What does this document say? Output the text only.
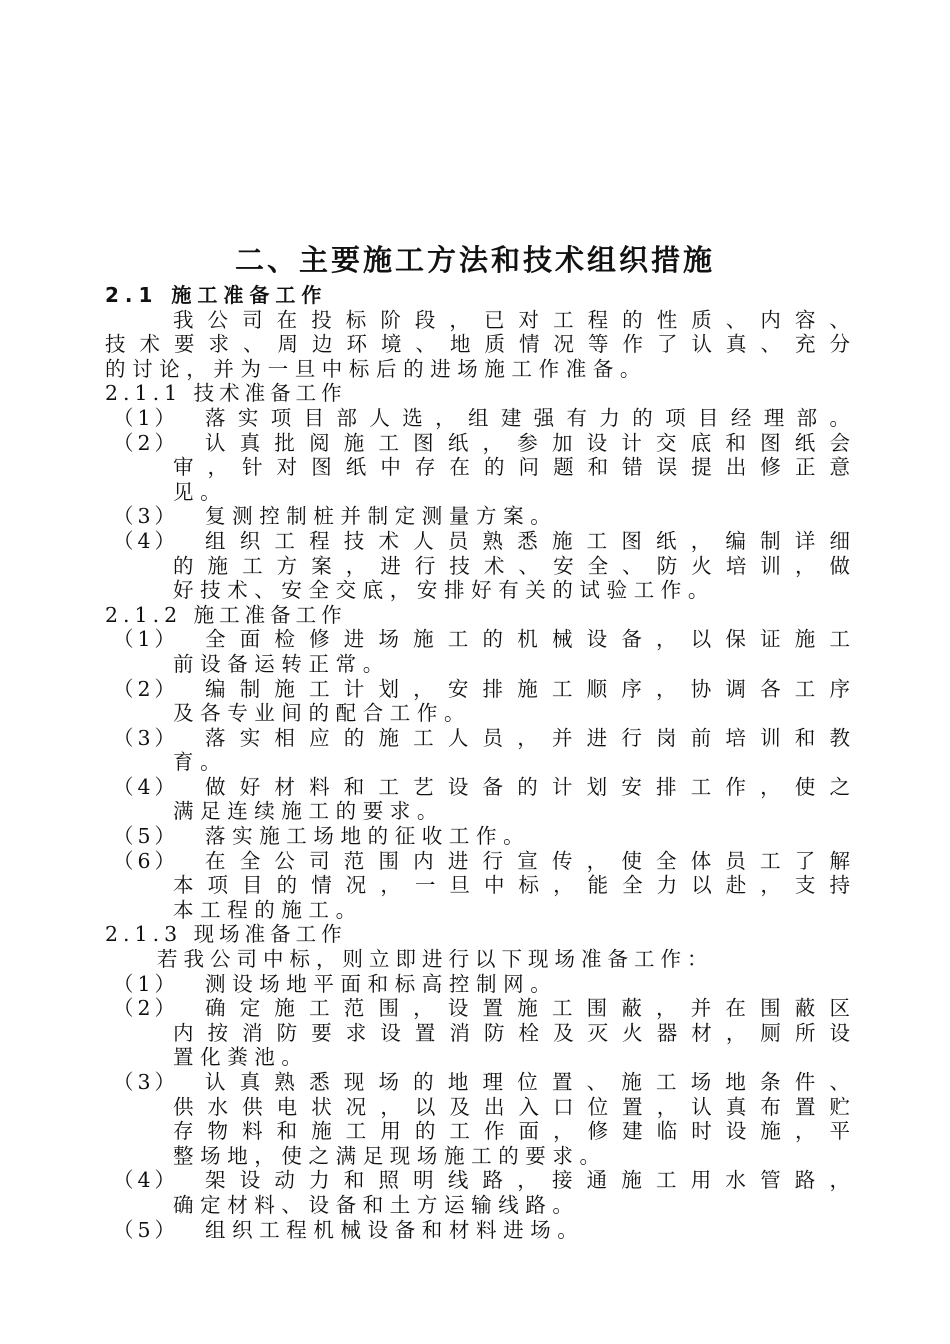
二、主要施工方法和技术组织措施
2.1 施工准备工作
我公司在投标阶段，已对工程的性质、内容、
技术要求、周边环境、地质情况等作了认真、充分
的讨论，并为一旦中标后的进场施工作准备。
2.1.1 技术准备工作
（1）	落实项目部人选，组建强有力的项目经理部。
（2）	认真批阅施工图纸，参加设计交底和图纸会
审，针对图纸中存在的问题和错误提出修正意
见。
（3）	复测控制桩并制定测量方案。
（4）	组织工程技术人员熟悉施工图纸，编制详细
的施工方案，进行技术、安全、防火培训，做
好技术、安全交底，安排好有关的试验工作。
2.1.2 施工准备工作
（1）	全面检修进场施工的机械设备，以保证施工
前设备运转正常。
（2）	编制施工计划，安排施工顺序，协调各工序
及各专业间的配合工作。
（3）	落实相应的施工人员，并进行岗前培训和教
育。
（4）	做好材料和工艺设备的计划安排工作，使之
满足连续施工的要求。
（5）	落实施工场地的征收工作。
（6）	在全公司范围内进行宣传，使全体员工了解
本项目的情况，一旦中标，能全力以赴，支持
本工程的施工。
2.1.3 现场准备工作
若我公司中标，则立即进行以下现场准备工作：
（1）	测设场地平面和标高控制网。
（2）	确定施工范围，设置施工围蔽，并在围蔽区
内按消防要求设置消防栓及灭火器材，厕所设
置化粪池。
（3）	认真熟悉现场的地理位置、施工场地条件、
供水供电状况，以及出入口位置，认真布置贮
存物料和施工用的工作面，修建临时设施，平
整场地，使之满足现场施工的要求。
（4）	架设动力和照明线路，接通施工用水管路，
确定材料、设备和土方运输线路。
（5）	组织工程机械设备和材料进场。
